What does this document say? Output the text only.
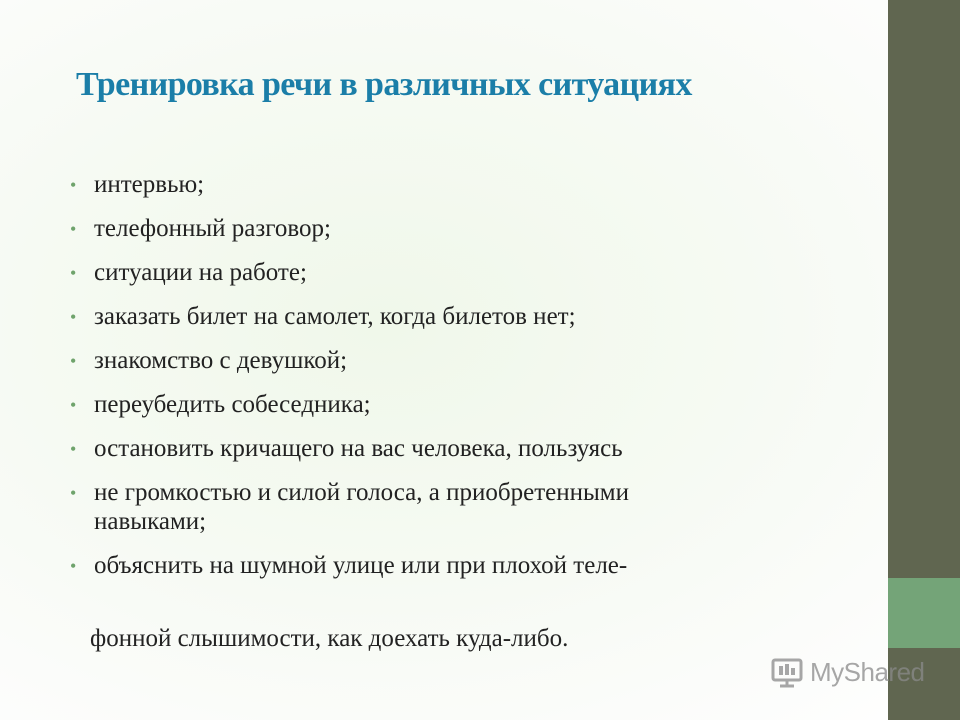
Тренировка речи в различных ситуациях
• интервью;
• телефонный разговор;
• ситуации на работе;
• заказать билет на самолет, когда билетов нет;
• знакомство с девушкой;
• переубедить собеседника;
• остановить кричащего на вас человека, пользуясь
• не громкостью и силой голоса, а приобретенными
навыками;
• объяснить на шумной улице или при плохой теле-

фонной слышимости, как доехать куда-либо.

MyShared
